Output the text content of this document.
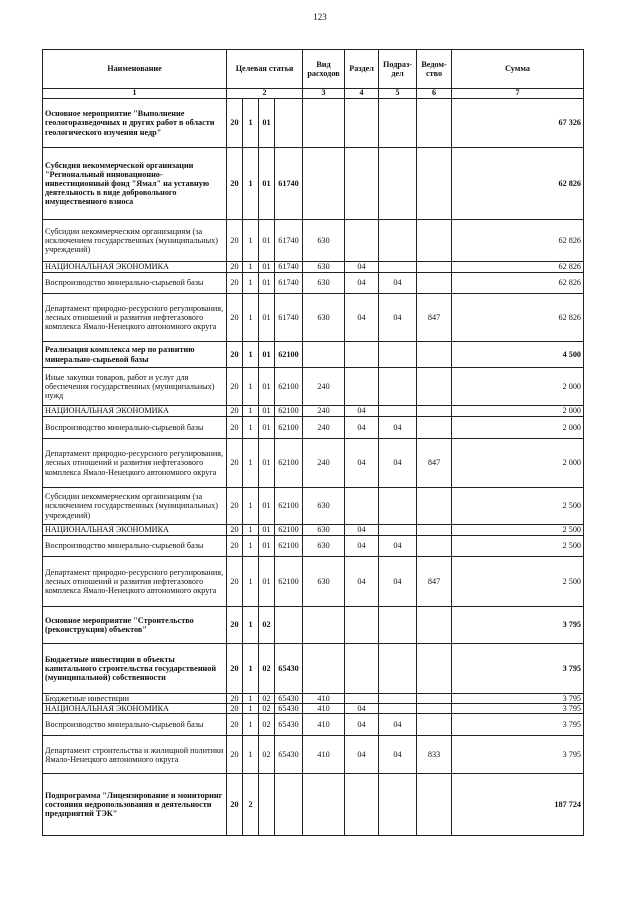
123
Наименование	Целевая статья				Вид расходов	Раздел	Подраз-дел	Ведом-ство	Сумма
1	2				3	4	5	6	7
Основное мероприятие "Выполнение геологоразведочных и других работ в области геологического изучения недр"	20	1	01						67 326
Субсидия некоммерческой организации "Региональный инновационно-инвестиционный фонд "Ямал" на уставную деятельность в виде добровольного имущественного взноса	20	1	01	61740					62 826
Субсидии некоммерческим организациям (за исключением государственных (муниципальных) учреждений)	20	1	01	61740	630				62 826
НАЦИОНАЛЬНАЯ ЭКОНОМИКА	20	1	01	61740	630	04			62 826
Воспроизводство минерально-сырьевой базы	20	1	01	61740	630	04	04		62 826
Департамент природно-ресурсного регулирования, лесных отношений и развития нефтегазового комплекса Ямало-Ненецкого автономного округа	20	1	01	61740	630	04	04	847	62 826
Реализация комплекса мер по развитию минерально-сырьевой базы	20	1	01	62100					4 500
Иные закупки товаров, работ и услуг для обеспечения государственных (муниципальных) нужд	20	1	01	62100	240				2 000
НАЦИОНАЛЬНАЯ ЭКОНОМИКА	20	1	01	62100	240	04			2 000
Воспроизводство минерально-сырьевой базы	20	1	01	62100	240	04	04		2 000
Департамент природно-ресурсного регулирования, лесных отношений и развития нефтегазового комплекса Ямало-Ненецкого автономного округа	20	1	01	62100	240	04	04	847	2 000
Субсидии некоммерческим организациям (за исключением государственных (муниципальных) учреждений)	20	1	01	62100	630				2 500
НАЦИОНАЛЬНАЯ ЭКОНОМИКА	20	1	01	62100	630	04			2 500
Воспроизводство минерально-сырьевой базы	20	1	01	62100	630	04	04		2 500
Департамент природно-ресурсного регулирования, лесных отношений и развития нефтегазового комплекса Ямало-Ненецкого автономного округа	20	1	01	62100	630	04	04	847	2 500
Основное мероприятие "Строительство (реконструкция) объектов"	20	1	02						3 795
Бюджетные инвестиции в объекты капитального строительства государственной (муниципальной) собственности	20	1	02	65430					3 795
Бюджетные инвестиции	20	1	02	65430	410				3 795
НАЦИОНАЛЬНАЯ ЭКОНОМИКА	20	1	02	65430	410	04			3 795
Воспроизводство минерально-сырьевой базы	20	1	02	65430	410	04	04		3 795
Департамент строительства и жилищной политики Ямало-Ненецкого автономного округа	20	1	02	65430	410	04	04	833	3 795
Подпрограмма "Лицензирование и мониторинг состояния недропользования и деятельности предприятий ТЭК"	20	2							187 724
